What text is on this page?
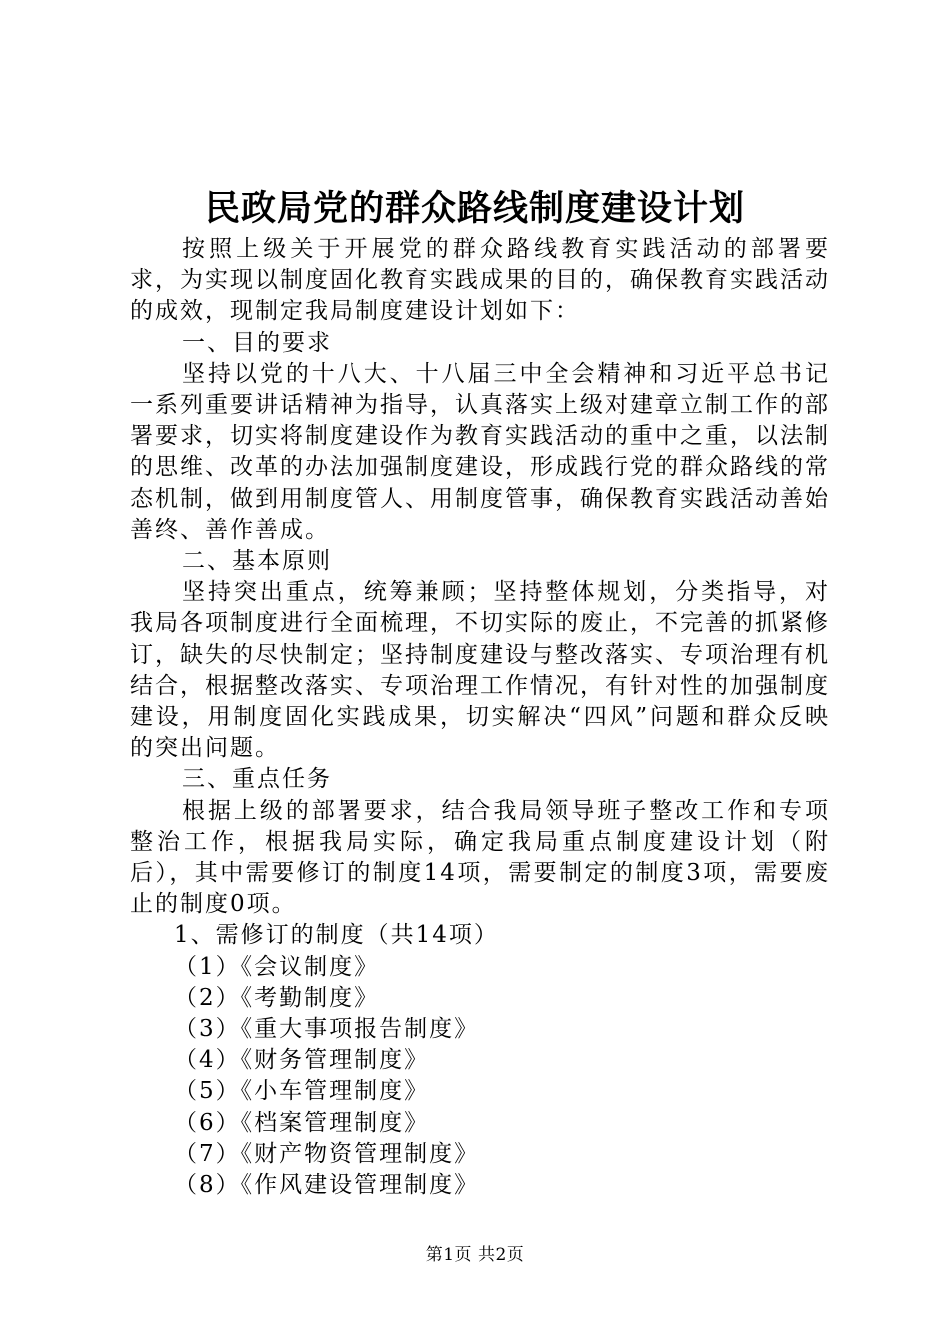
民政局党的群众路线制度建设计划

按照上级关于开展党的群众路线教育实践活动的部署要求，为实现以制度固化教育实践成果的目的，确保教育实践活动的成效，现制定我局制度建设计划如下：

一、目的要求

坚持以党的十八大、十八届三中全会精神和习近平总书记一系列重要讲话精神为指导，认真落实上级对建章立制工作的部署要求，切实将制度建设作为教育实践活动的重中之重，以法制的思维、改革的办法加强制度建设，形成践行党的群众路线的常态机制，做到用制度管人、用制度管事，确保教育实践活动善始善终、善作善成。

二、基本原则

坚持突出重点，统筹兼顾；坚持整体规划，分类指导，对我局各项制度进行全面梳理，不切实际的废止，不完善的抓紧修订，缺失的尽快制定；坚持制度建设与整改落实、专项治理有机结合，根据整改落实、专项治理工作情况，有针对性的加强制度建设，用制度固化实践成果，切实解决“四风”问题和群众反映的突出问题。

三、重点任务

根据上级的部署要求，结合我局领导班子整改工作和专项整治工作，根据我局实际，确定我局重点制度建设计划（附后），其中需要修订的制度14项，需要制定的制度3项，需要废止的制度0项。

1、需修订的制度（共14项）

（1）《会议制度》

（2）《考勤制度》

（3）《重大事项报告制度》

（4）《财务管理制度》

（5）《小车管理制度》

（6）《档案管理制度》

（7）《财产物资管理制度》

（8）《作风建设管理制度》

第1页 共2页
